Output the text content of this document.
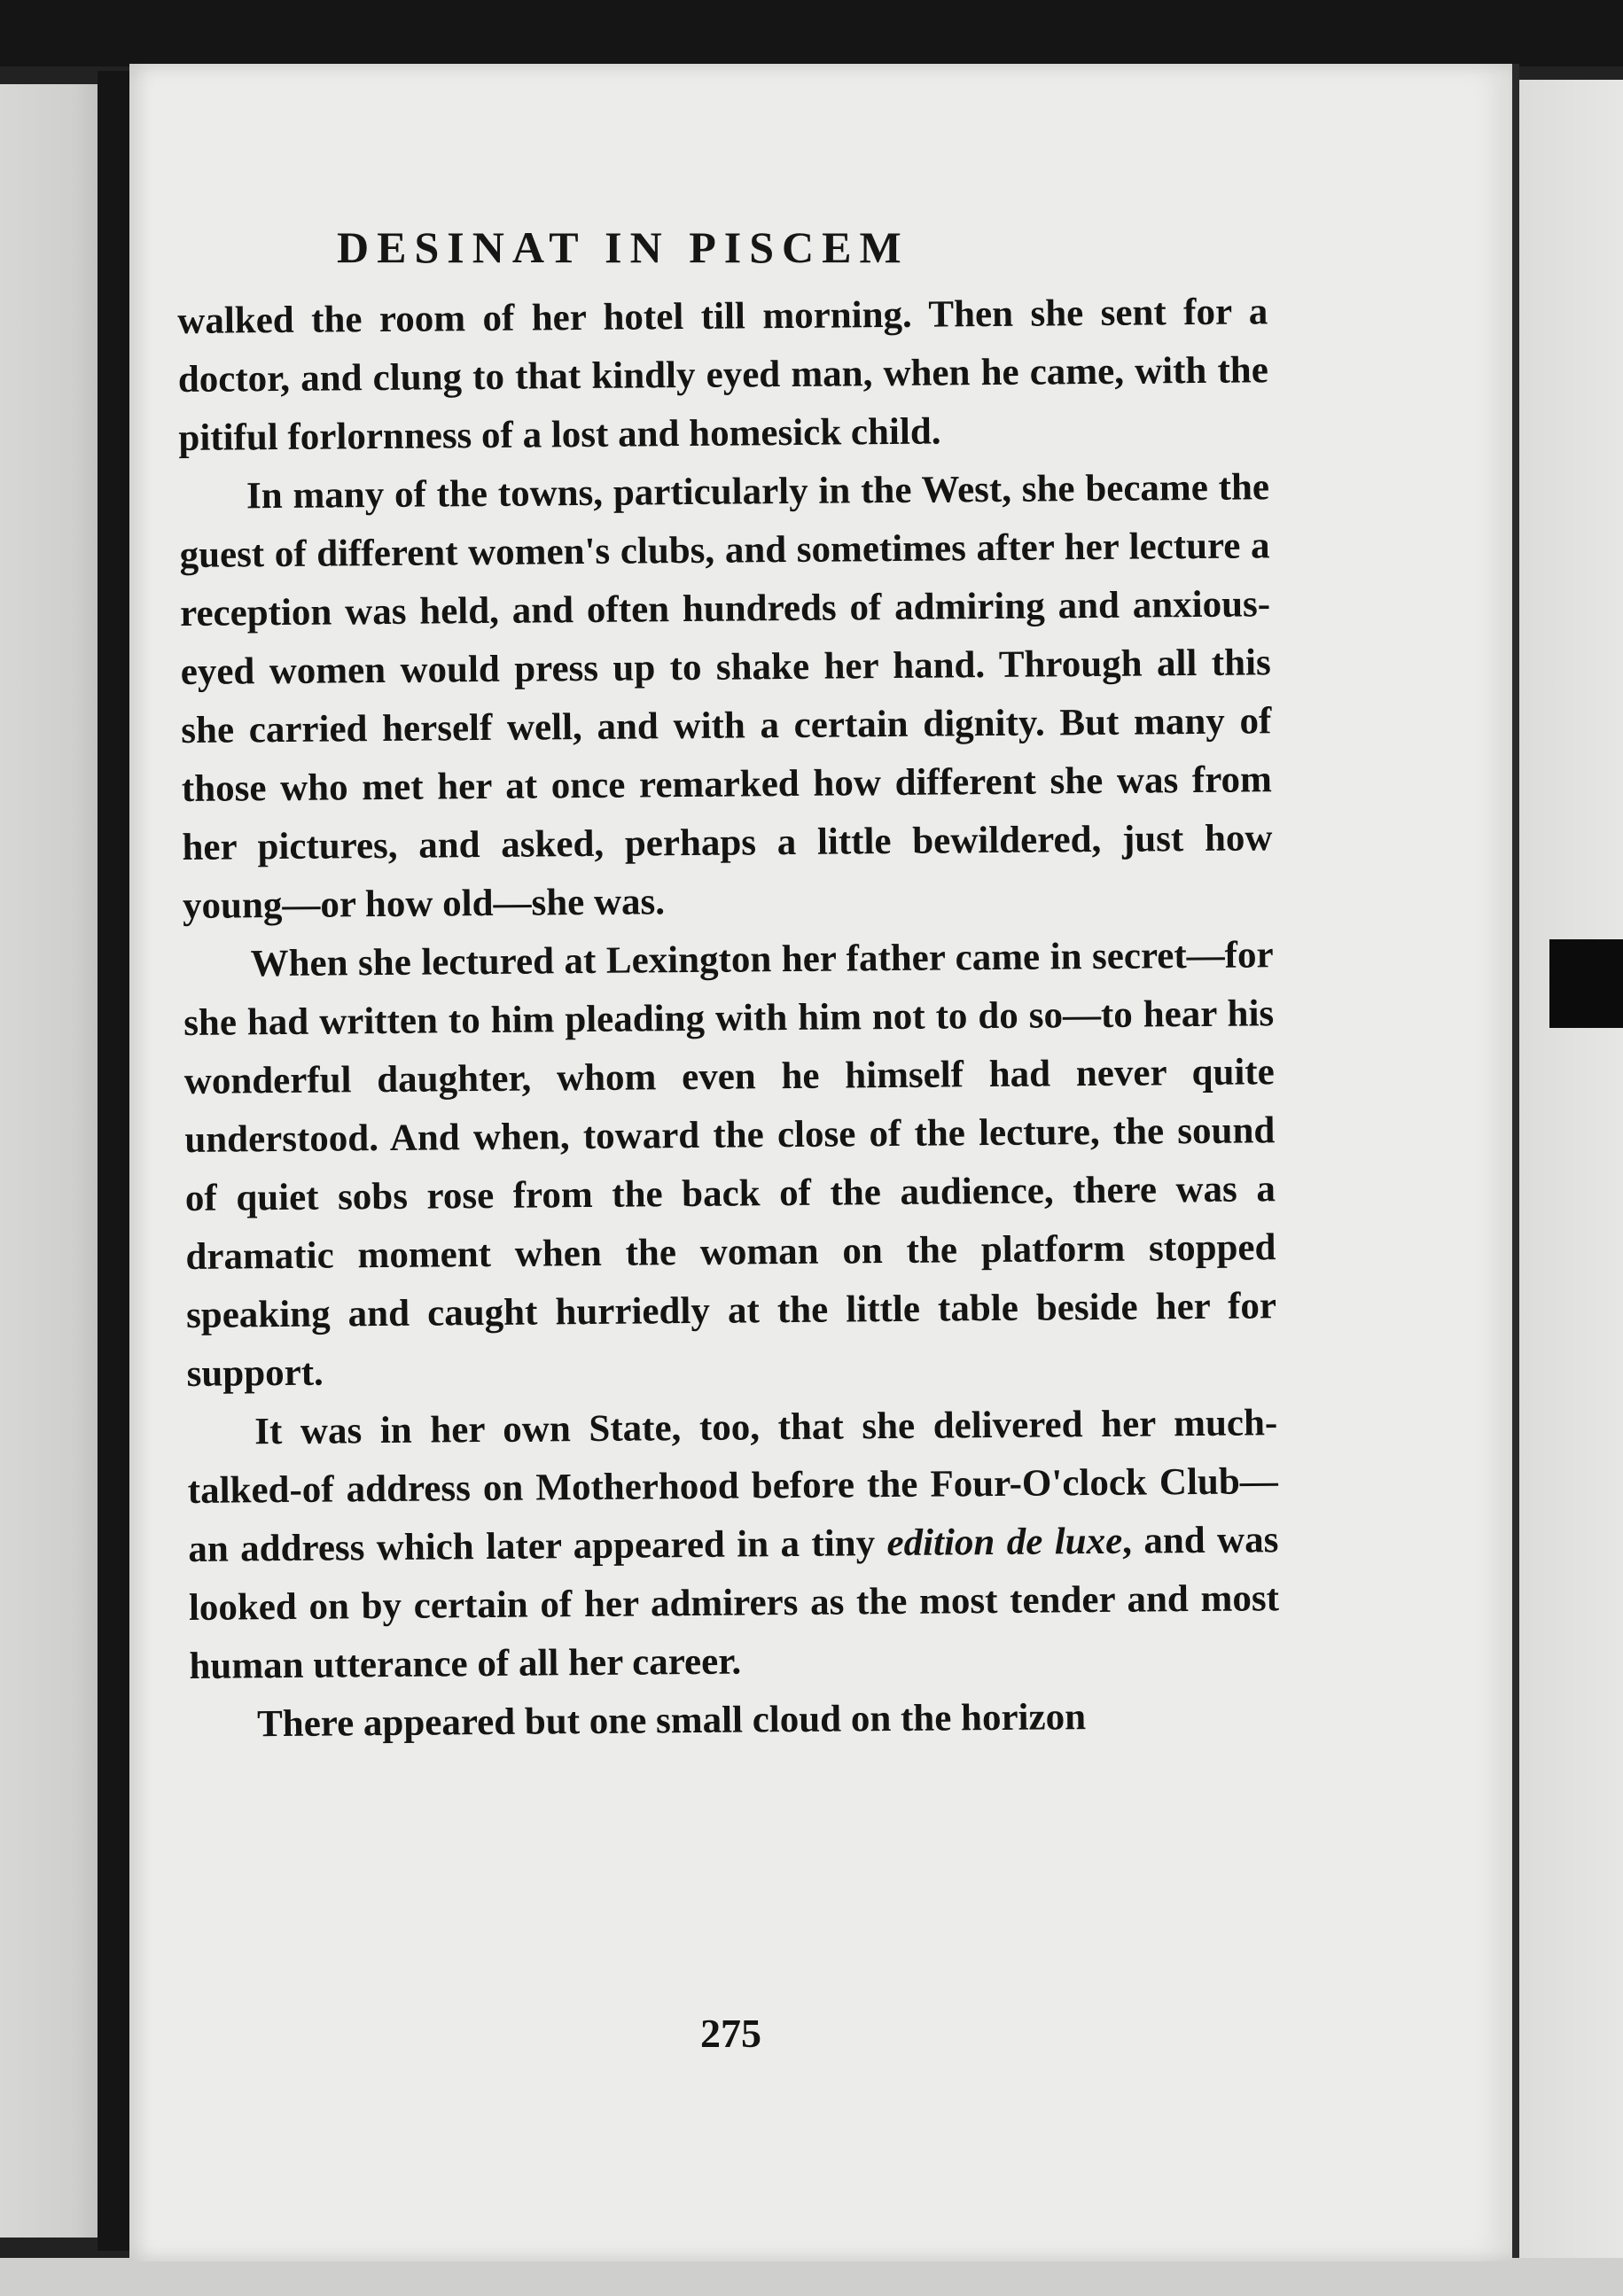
DESINAT IN PISCEM

walked the room of her hotel till morning. Then she sent for a doctor, and clung to that kindly eyed man, when he came, with the pitiful forlornness of a lost and homesick child.

In many of the towns, particularly in the West, she became the guest of different women's clubs, and sometimes after her lecture a reception was held, and often hundreds of admiring and anxious-eyed women would press up to shake her hand. Through all this she carried herself well, and with a certain dignity. But many of those who met her at once remarked how different she was from her pictures, and asked, perhaps a little bewildered, just how young—or how old—she was.

When she lectured at Lexington her father came in secret—for she had written to him pleading with him not to do so—to hear his wonderful daughter, whom even he himself had never quite understood. And when, toward the close of the lecture, the sound of quiet sobs rose from the back of the audience, there was a dramatic moment when the woman on the platform stopped speaking and caught hurriedly at the little table beside her for support.

It was in her own State, too, that she delivered her much-talked-of address on Motherhood before the Four-O'clock Club—an address which later appeared in a tiny edition de luxe, and was looked on by certain of her admirers as the most tender and most human utterance of all her career.

There appeared but one small cloud on the horizon

275
